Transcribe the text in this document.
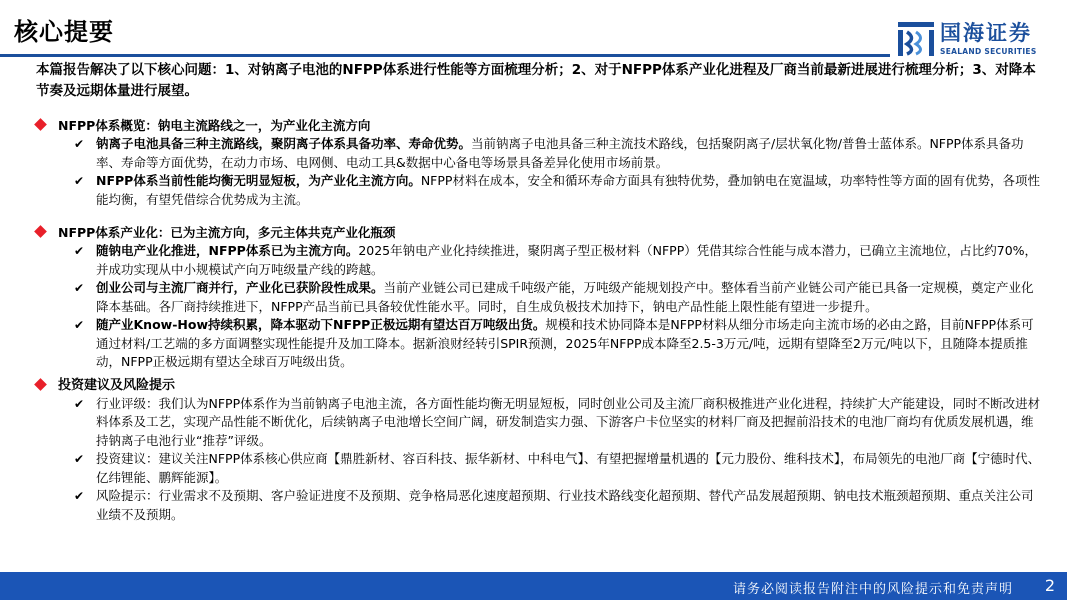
核心提要	国海证券
SEALAND SECURITIES
本篇报告解决了以下核心问题：1、对钠离子电池的NFPP体系进行性能等方面梳理分析；2、对于NFPP体系产业化进程及厂商当前最新进展进行梳理分析；3、对降本节奏及远期体量进行展望。
NFPP体系概览：钠电主流路线之一，为产业化主流方向
✔ 钠离子电池具备三种主流路线，聚阴离子体系具备功率、寿命优势。当前钠离子电池具备三种主流技术路线，包括聚阴离子/层状氧化物/普鲁士蓝体系。NFPP体系具备功率、寿命等方面优势，在动力市场、电网侧、电动工具&数据中心备电等场景具备差异化使用市场前景。
✔ NFPP体系当前性能均衡无明显短板，为产业化主流方向。NFPP材料在成本，安全和循环寿命方面具有独特优势，叠加钠电在宽温域，功率特性等方面的固有优势，各项性能均衡，有望凭借综合优势成为主流。
NFPP体系产业化：已为主流方向，多元主体共克产业化瓶颈
✔ 随钠电产业化推进，NFPP体系已为主流方向。2025年钠电产业化持续推进，聚阴离子型正极材料（NFPP）凭借其综合性能与成本潜力，已确立主流地位，占比约70%，并成功实现从中小规模试产向万吨级量产线的跨越。
✔ 创业公司与主流厂商并行，产业化已获阶段性成果。当前产业链公司已建成千吨级产能，万吨级产能规划投产中。整体看当前产业链公司产能已具备一定规模，奠定产业化降本基础。各厂商持续推进下，NFPP产品当前已具备较优性能水平。同时，自生成负极技术加持下，钠电产品性能上限性能有望进一步提升。
✔ 随产业Know-How持续积累，降本驱动下NFPP正极远期有望达百万吨级出货。规模和技术协同降本是NFPP材料从细分市场走向主流市场的必由之路，目前NFPP体系可通过材料/工艺端的多方面调整实现性能提升及加工降本。据新浪财经转引SPIR预测，2025年NFPP成本降至2.5-3万元/吨，远期有望降至2万元/吨以下，且随降本提质推动，NFPP正极远期有望达全球百万吨级出货。
投资建议及风险提示
✔ 行业评级：我们认为NFPP体系作为当前钠离子电池主流，各方面性能均衡无明显短板，同时创业公司及主流厂商积极推进产业化进程，持续扩大产能建设，同时不断改进材料体系及工艺，实现产品性能不断优化，后续钠离子电池增长空间广阔，研发制造实力强、下游客户卡位坚实的材料厂商及把握前沿技术的电池厂商均有优质发展机遇，维持钠离子电池行业“推荐”评级。
✔ 投资建议：建议关注NFPP体系核心供应商【鼎胜新材、容百科技、振华新材、中科电气】、有望把握增量机遇的【元力股份、维科技术】，布局领先的电池厂商【宁德时代、亿纬锂能、鹏辉能源】。
✔ 风险提示：行业需求不及预期、客户验证进度不及预期、竞争格局恶化速度超预期、行业技术路线变化超预期、替代产品发展超预期、钠电技术瓶颈超预期、重点关注公司业绩不及预期。
请务必阅读报告附注中的风险提示和免责声明 2
